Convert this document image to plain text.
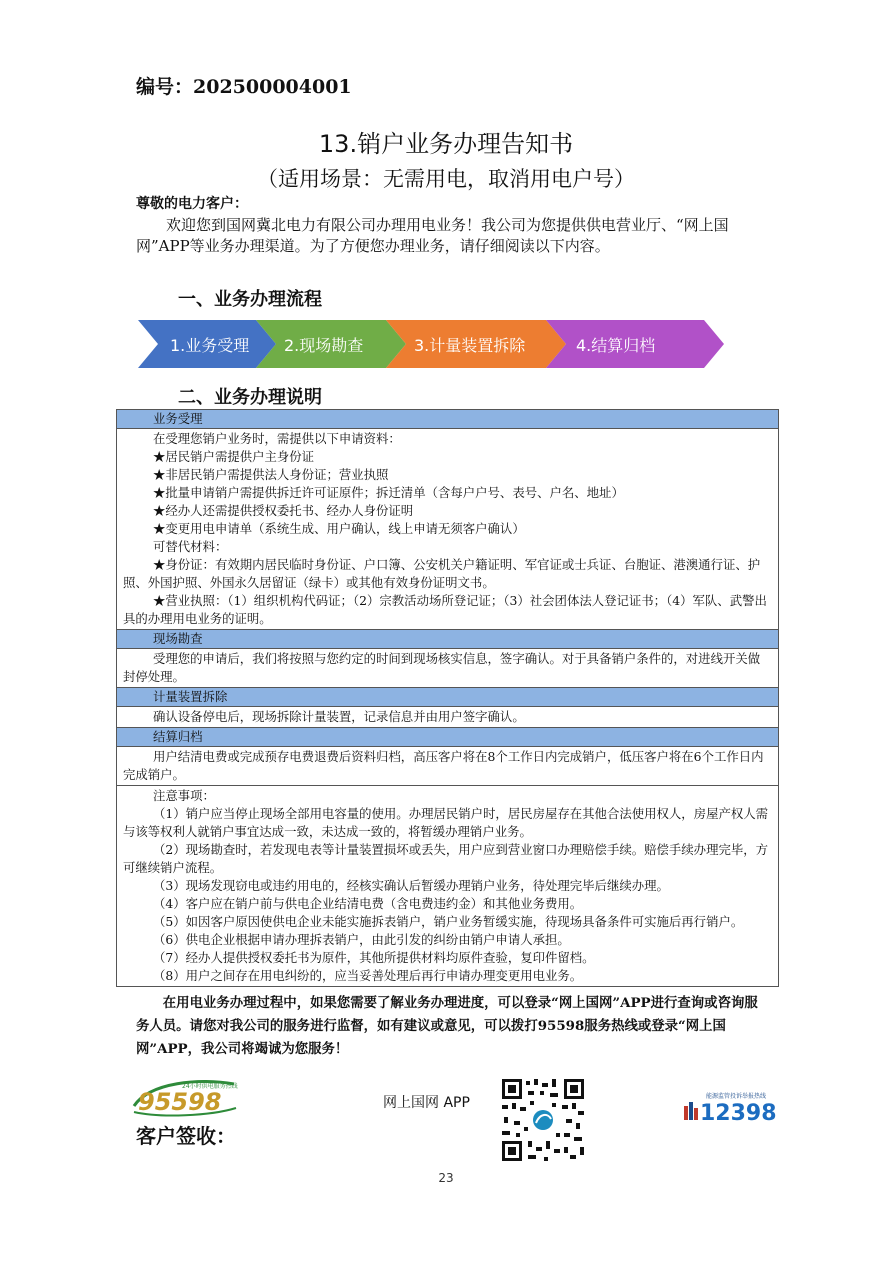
编号：202500004001
13.销户业务办理告知书
（适用场景：无需用电，取消用电户号）
尊敬的电力客户：
欢迎您到国网冀北电力有限公司办理用电业务！我公司为您提供供电营业厅、“网上国网”APP等业务办理渠道。为了方便您办理业务，请仔细阅读以下内容。
一、业务办理流程
1.业务受理 2.现场勘查	3.计量装置拆除	4.结算归档
二、业务办理说明
业务受理

在受理您销户业务时，需提供以下申请资料：

★居民销户需提供户主身份证

★非居民销户需提供法人身份证；营业执照

★批量申请销户需提供拆迁许可证原件；拆迁清单（含每户户号、表号、户名、地址）

★经办人还需提供授权委托书、经办人身份证明

★变更用电申请单（系统生成、用户确认，线上申请无须客户确认）

可替代材料：

★身份证：有效期内居民临时身份证、户口簿、公安机关户籍证明、军官证或士兵证、台胞证、港澳通行证、护照、外国护照、外国永久居留证（绿卡）或其他有效身份证明文书。

★营业执照：（1）组织机构代码证；（2）宗教活动场所登记证；（3）社会团体法人登记证书；（4）军队、武警出具的办理用电业务的证明。

现场勘查
受理您的申请后，我们将按照与您约定的时间到现场核实信息，签字确认。对于具备销户条件的，对进线开关做封停处理。
计量装置拆除
确认设备停电后，现场拆除计量装置，记录信息并由用户签字确认。
结算归档
用户结清电费或完成预存电费退费后资料归档，高压客户将在8个工作日内完成销户，低压客户将在6个工作日内完成销户。

注意事项：

（1）销户应当停止现场全部用电容量的使用。办理居民销户时，居民房屋存在其他合法使用权人，房屋产权人需与该等权利人就销户事宜达成一致，未达成一致的，将暂缓办理销户业务。

（2）现场勘查时，若发现电表等计量装置损坏或丢失，用户应到营业窗口办理赔偿手续。赔偿手续办理完毕，方可继续销户流程。

（3）现场发现窃电或违约用电的，经核实确认后暂缓办理销户业务，待处理完毕后继续办理。

（4）客户应在销户前与供电企业结清电费（含电费违约金）和其他业务费用。

（5）如因客户原因使供电企业未能实施拆表销户，销户业务暂缓实施，待现场具备条件可实施后再行销户。

（6）供电企业根据申请办理拆表销户，由此引发的纠纷由销户申请人承担。

（7）经办人提供授权委托书为原件，其他所提供材料均原件查验，复印件留档。

（8）用户之间存在用电纠纷的，应当妥善处理后再行申请办理变更用电业务。

在用电业务办理过程中，如果您需要了解业务办理进度，可以登录“网上国网”APP进行查询或咨询服务人员。请您对我公司的服务进行监督，如有建议或意见，可以拨打95598服务热线或登录“网上国网”APP，我公司将竭诚为您服务！
24小时供电服务热线
95598
客户签收：
网上国网 APP	能源监管投诉举报热线
12398
23
